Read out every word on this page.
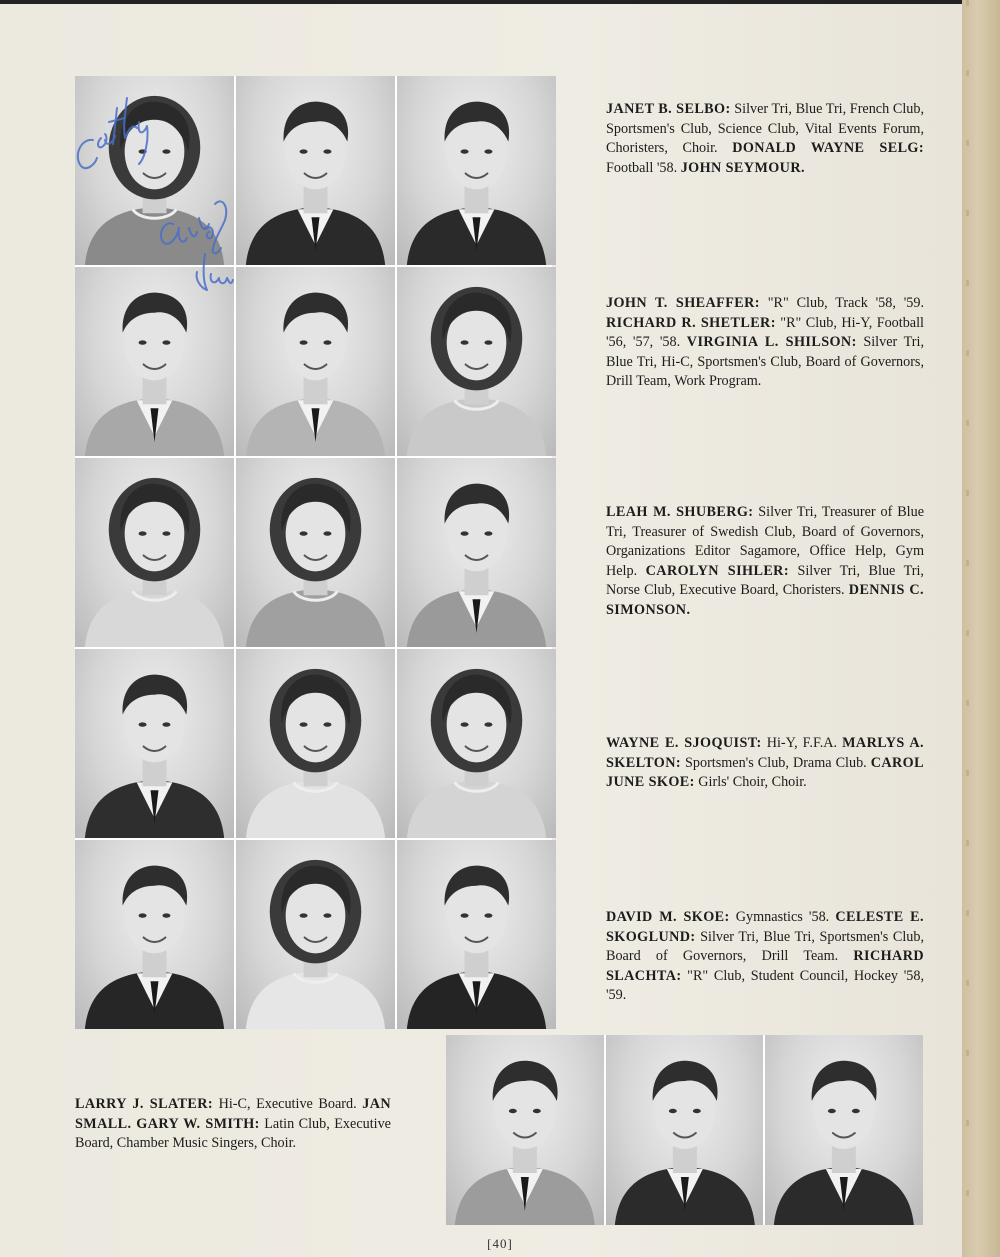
JANET B. SELBO: Silver Tri, Blue Tri, French Club, Sportsmen's Club, Science Club, Vital Events Forum, Choristers, Choir. DONALD WAYNE SELG: Football '58. JOHN SEYMOUR.
JOHN T. SHEAFFER: "R" Club, Track '58, '59. RICHARD R. SHETLER: "R" Club, Hi-Y, Football '56, '57, '58. VIRGINIA L. SHILSON: Silver Tri, Blue Tri, Hi-C, Sportsmen's Club, Board of Governors, Drill Team, Work Program.
LEAH M. SHUBERG: Silver Tri, Treasurer of Blue Tri, Treasurer of Swedish Club, Board of Governors, Organizations Editor Sagamore, Office Help, Gym Help. CAROLYN SIHLER: Silver Tri, Blue Tri, Norse Club, Executive Board, Choristers. DENNIS C. SIMONSON.
WAYNE E. SJOQUIST: Hi-Y, F.F.A. MARLYS A. SKELTON: Sportsmen's Club, Drama Club. CAROL JUNE SKOE: Girls' Choir, Choir.
DAVID M. SKOE: Gymnastics '58. CELESTE E. SKOGLUND: Silver Tri, Blue Tri, Sportsmen's Club, Board of Governors, Drill Team. RICHARD SLACHTA: "R" Club, Student Council, Hockey '58, '59.
LARRY J. SLATER: Hi-C, Executive Board. JAN SMALL. GARY W. SMITH: Latin Club, Executive Board, Chamber Music Singers, Choir.
[40]
